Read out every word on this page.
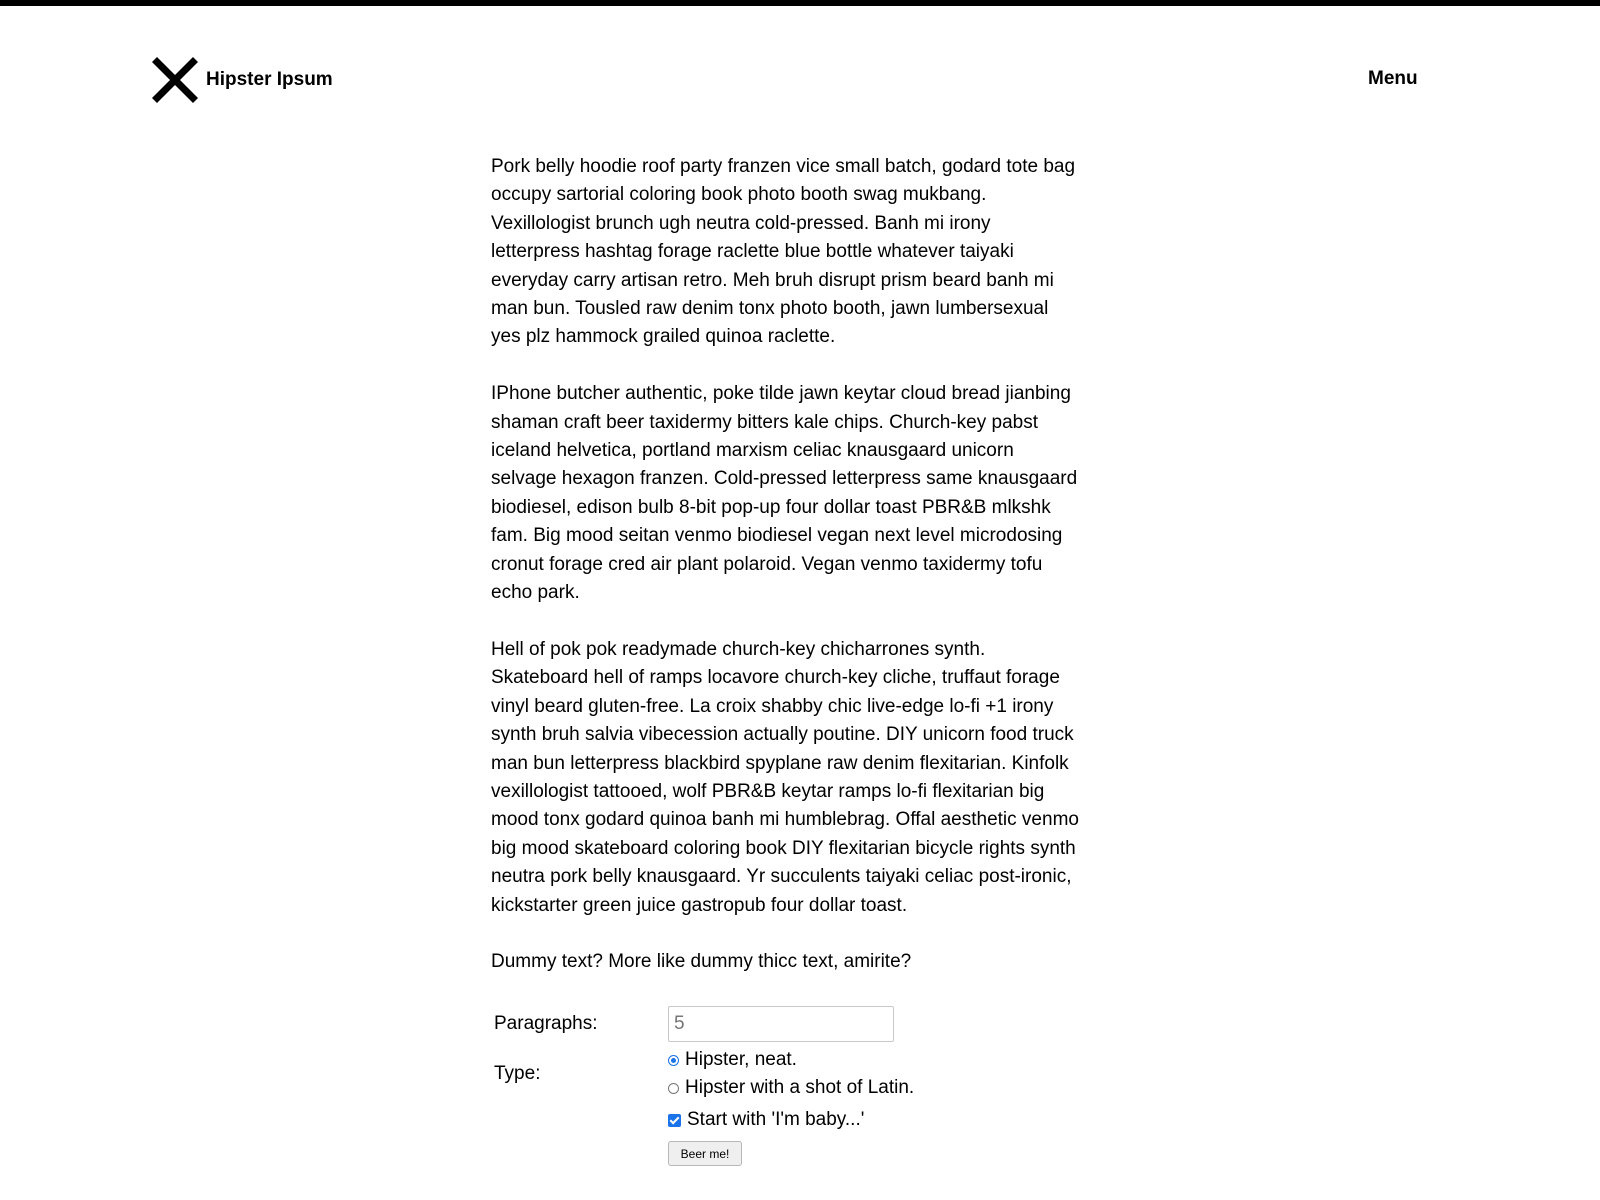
Hipster Ipsum	Menu

Pork belly hoodie roof party franzen vice small batch, godard tote bag occupy sartorial coloring book photo booth swag mukbang. Vexillologist brunch ugh neutra cold-pressed. Banh mi irony letterpress hashtag forage raclette blue bottle whatever taiyaki everyday carry artisan retro. Meh bruh disrupt prism beard banh mi man bun. Tousled raw denim tonx photo booth, jawn lumbersexual yes plz hammock grailed quinoa raclette.

IPhone butcher authentic, poke tilde jawn keytar cloud bread jianbing shaman craft beer taxidermy bitters kale chips. Church-key pabst iceland helvetica, portland marxism celiac knausgaard unicorn selvage hexagon franzen. Cold-pressed letterpress same knausgaard biodiesel, edison bulb 8-bit pop-up four dollar toast PBR&B mlkshk fam. Big mood seitan venmo biodiesel vegan next level microdosing cronut forage cred air plant polaroid. Vegan venmo taxidermy tofu echo park.

Hell of pok pok readymade church-key chicharrones synth. Skateboard hell of ramps locavore church-key cliche, truffaut forage vinyl beard gluten-free. La croix shabby chic live-edge lo-fi +1 irony synth bruh salvia vibecession actually poutine. DIY unicorn food truck man bun letterpress blackbird spyplane raw denim flexitarian. Kinfolk vexillologist tattooed, wolf PBR&B keytar ramps lo-fi flexitarian big mood tonx godard quinoa banh mi humblebrag. Offal aesthetic venmo big mood skateboard coloring book DIY flexitarian bicycle rights synth neutra pork belly knausgaard. Yr succulents taiyaki celiac post-ironic, kickstarter green juice gastropub four dollar toast.

Dummy text? More like dummy thicc text, amirite?

Paragraphs:
5
Type:
Hipster, neat.
Hipster with a shot of Latin.
Start with 'I'm baby...'
Beer me!
